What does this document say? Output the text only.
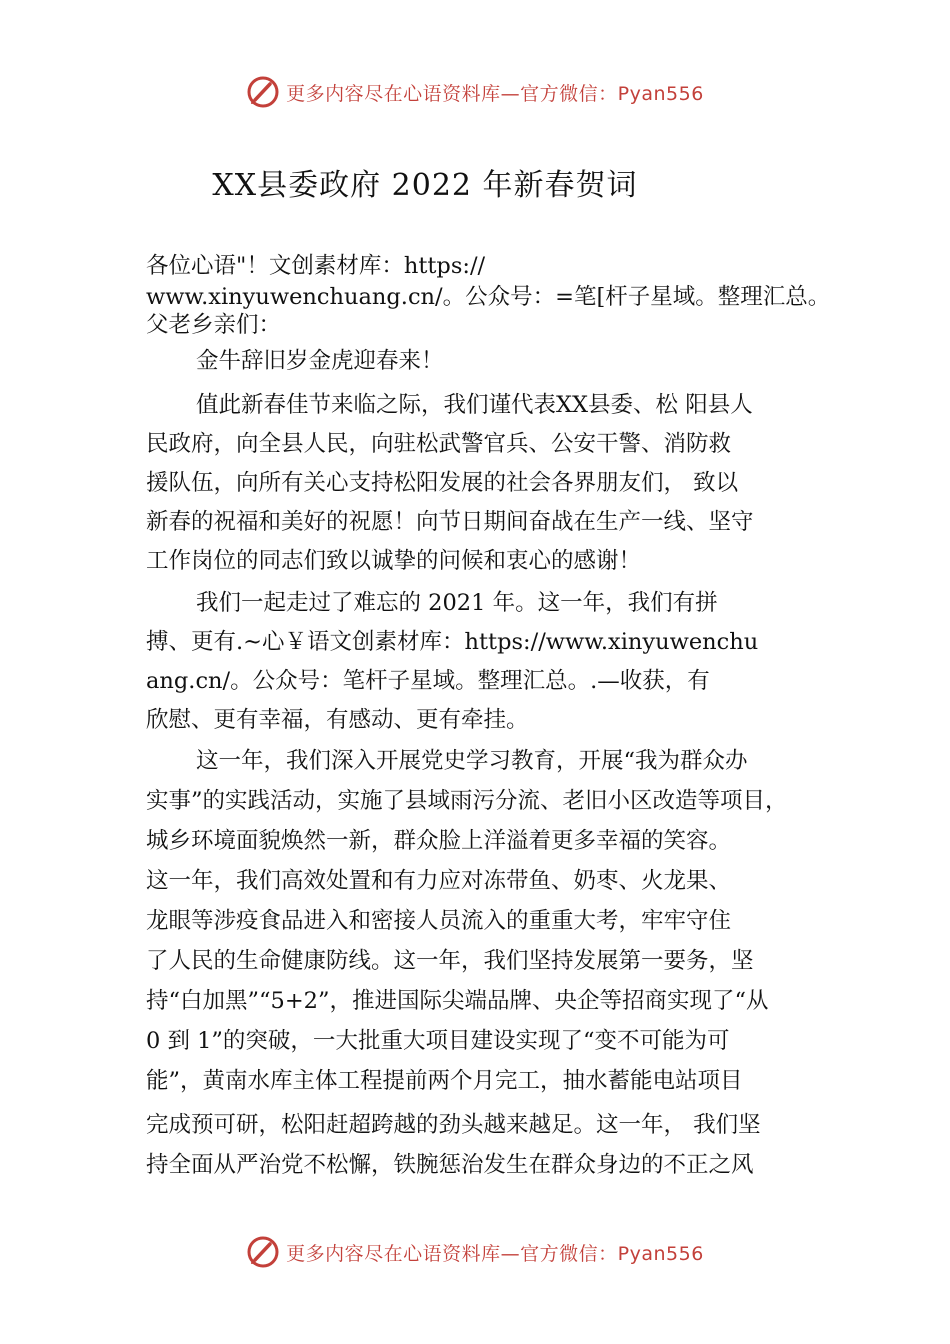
更多内容尽在心语资料库—官方微信：Pyan556
XX县委政府 2022 年新春贺词
各位心语"！文创素材库：https://
www.xinyuwenchuang.cn/。公众号：=笔[杆子星域。整理汇总。
父老乡亲们：
金牛辞旧岁金虎迎春来！
值此新春佳节来临之际，我们谨代表XX县委、松 阳县人
民政府，向全县人民，向驻松武警官兵、公安干警、消防救
援队伍，向所有关心支持松阳发展的社会各界朋友们， 致以
新春的祝福和美好的祝愿！向节日期间奋战在生产一线、坚守
工作岗位的同志们致以诚挚的问候和衷心的感谢！
我们一起走过了难忘的 2021 年。这一年，我们有拼
搏、更有.~心￥语文创素材库：https://www.xinyuwenchu
ang.cn/。公众号：笔杆子星域。整理汇总。.—收获，有
欣慰、更有幸福，有感动、更有牵挂。
这一年，我们深入开展党史学习教育，开展“我为群众办
实事”的实践活动，实施了县域雨污分流、老旧小区改造等项目，
城乡环境面貌焕然一新，群众脸上洋溢着更多幸福的笑容。
这一年，我们高效处置和有力应对冻带鱼、奶枣、火龙果、
龙眼等涉疫食品进入和密接人员流入的重重大考，牢牢守住
了人民的生命健康防线。这一年，我们坚持发展第一要务，坚
持“白加黑”“5+2”，推进国际尖端品牌、央企等招商实现了“从
0 到 1”的突破，一大批重大项目建设实现了“变不可能为可
能”，黄南水库主体工程提前两个月完工，抽水蓄能电站项目
完成预可研，松阳赶超跨越的劲头越来越足。这一年， 我们坚
持全面从严治党不松懈，铁腕惩治发生在群众身边的不正之风
更多内容尽在心语资料库—官方微信：Pyan556
